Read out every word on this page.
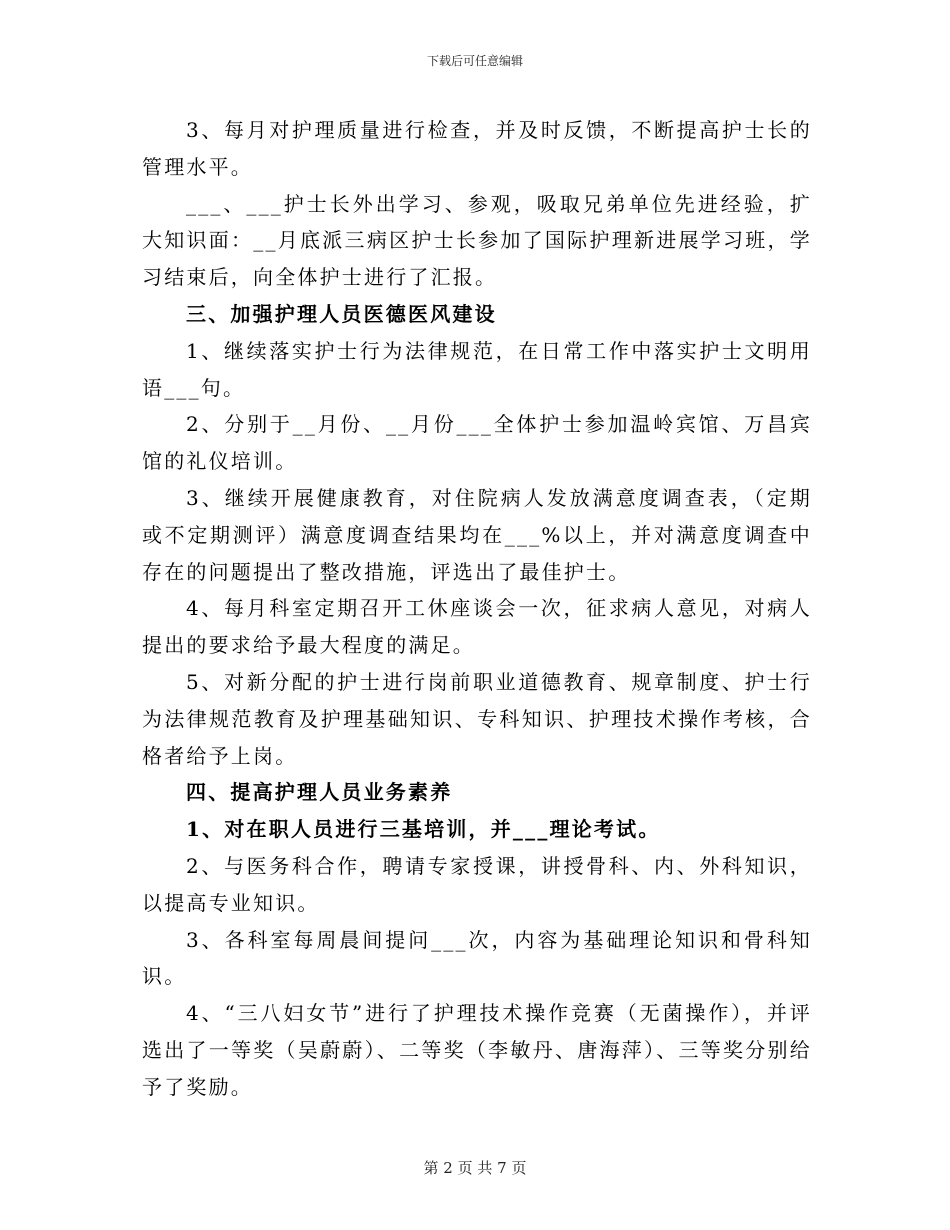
下载后可任意编辑

3、每月对护理质量进行检查，并及时反馈，不断提高护士长的管理水平。

___、___护士长外出学习、参观，吸取兄弟单位先进经验，扩大知识面：__月底派三病区护士长参加了国际护理新进展学习班，学习结束后，向全体护士进行了汇报。

三、加强护理人员医德医风建设

1、继续落实护士行为法律规范，在日常工作中落实护士文明用语___句。

2、分别于__月份、__月份___全体护士参加温岭宾馆、万昌宾馆的礼仪培训。

3、继续开展健康教育，对住院病人发放满意度调查表，（定期或不定期测评）满意度调查结果均在___%以上，并对满意度调查中存在的问题提出了整改措施，评选出了最佳护士。

4、每月科室定期召开工休座谈会一次，征求病人意见，对病人提出的要求给予最大程度的满足。

5、对新分配的护士进行岗前职业道德教育、规章制度、护士行为法律规范教育及护理基础知识、专科知识、护理技术操作考核，合格者给予上岗。

四、提高护理人员业务素养

1、对在职人员进行三基培训，并___理论考试。

2、与医务科合作，聘请专家授课，讲授骨科、内、外科知识，以提高专业知识。

3、各科室每周晨间提问___次，内容为基础理论知识和骨科知识。

4、“三八妇女节”进行了护理技术操作竞赛（无菌操作），并评选出了一等奖（吴蔚蔚）、二等奖（李敏丹、唐海萍）、三等奖分别给予了奖励。

第 2 页 共 7 页
